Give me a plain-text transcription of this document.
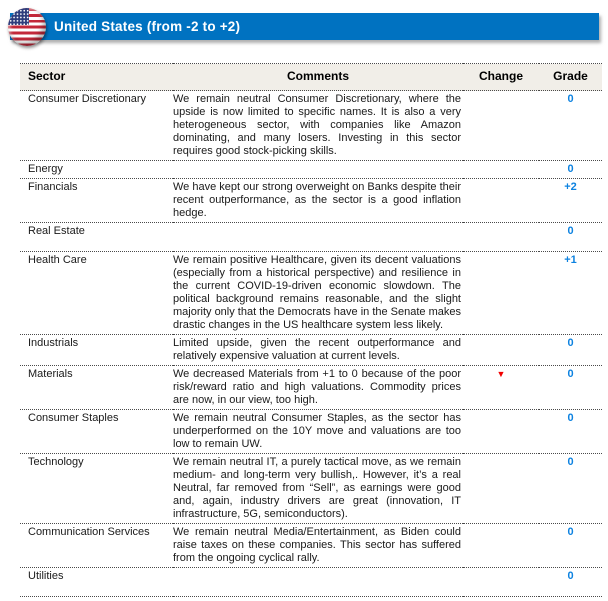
United States (from -2 to +2)
Sector	Comments	Change	Grade
Consumer Discretionary	We remain neutral Consumer Discretionary, where the upside is now limited to specific names. It is also a very heterogeneous sector, with companies like Amazon dominating, and many losers. Investing in this sector requires good stock-picking skills.		0
Energy			0
Financials	We have kept our strong overweight on Banks despite their recent outperformance, as the sector is a good inflation hedge.		+2
Real Estate			0
Health Care	We remain positive Healthcare, given its decent valuations (especially from a historical perspective) and resilience in the current COVID-19-driven economic slowdown. The political background remains reasonable, and the slight majority only that the Democrats have in the Senate makes drastic changes in the US healthcare system less likely.		+1
Industrials	Limited upside, given the recent outperformance and relatively expensive valuation at current levels.		0
Materials	We decreased Materials from +1 to 0 because of the poor risk/reward ratio and high valuations. Commodity prices are now, in our view, too high.	▼	0
Consumer Staples	We remain neutral Consumer Staples, as the sector has underperformed on the 10Y move and valuations are too low to remain UW.		0
Technology	We remain neutral IT, a purely tactical move, as we remain medium- and long-term very bullish,. However, it’s a real Neutral, far removed from “Sell”, as earnings were good and, again, industry drivers are great (innovation, IT infrastructure, 5G, semiconductors).		0
Communication Services	We remain neutral Media/Entertainment, as Biden could raise taxes on these companies. This sector has suffered from the ongoing cyclical rally.		0
Utilities			0
